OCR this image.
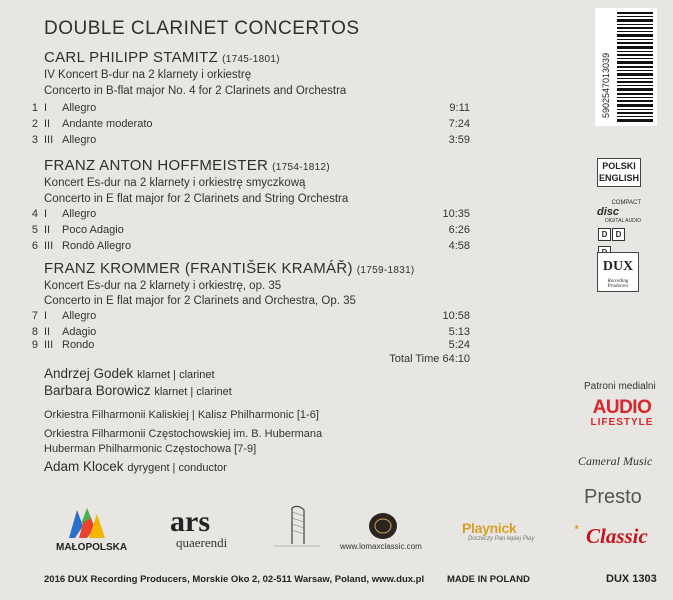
DOUBLE CLARINET CONCERTOS
CARL PHILIPP STAMITZ (1745-1801)
IV Koncert B-dur na 2 klarnety i orkiestrę
Concerto in B-flat major No. 4 for 2 Clarinets and Orchestra
1 I Allegro	9:11
2 II Andante moderato	7:24
3 III Allegro	3:59
FRANZ ANTON HOFFMEISTER (1754-1812)
Koncert Es-dur na 2 klarnety i orkiestrę smyczkową
Concerto in E flat major for 2 Clarinets and String Orchestra
4 I Allegro	10:35
5 II Poco Adagio	6:26
6 III Rondò Allegro	4:58
FRANZ KROMMER (FRANTIŠEK KRAMÁŘ) (1759-1831)
Koncert Es-dur na 2 klarnety i orkiestrę, op. 35
Concerto in E flat major for 2 Clarinets and Orchestra, Op. 35
7 I Allegro	10:58
8 II Adagio	5:13
9 III Rondo	5:24
Total Time 64:10
Andrzej Godek klarnet | clarinet
Barbara Borowicz klarnet | clarinet
Orkiestra Filharmonii Kaliskiej | Kalisz Philharmonic [1-6]
Orkiestra Filharmonii Częstochowskiej im. B. Hubermana
Huberman Philharmonic Częstochowa [7-9]
Adam Klocek dyrygent | conductor
5902547013039
POLSKI
ENGLISH
COMPACT
disc
DIGITAL AUDIO
D D
DUX
Recording Producers
Patroni medialni
AUDIO
LIFESTYLE
Cameral Music
Presto
★ Classic
MAŁOPOLSKA
ars
quaerendi	www.lomaxclassic.com
Playnick
Dorzeczy Pan lepiej Play
2016 DUX Recording Producers, Morskie Oko 2, 02-511 Warsaw, Poland, www.dux.pl MADE IN POLAND	DUX 1303
